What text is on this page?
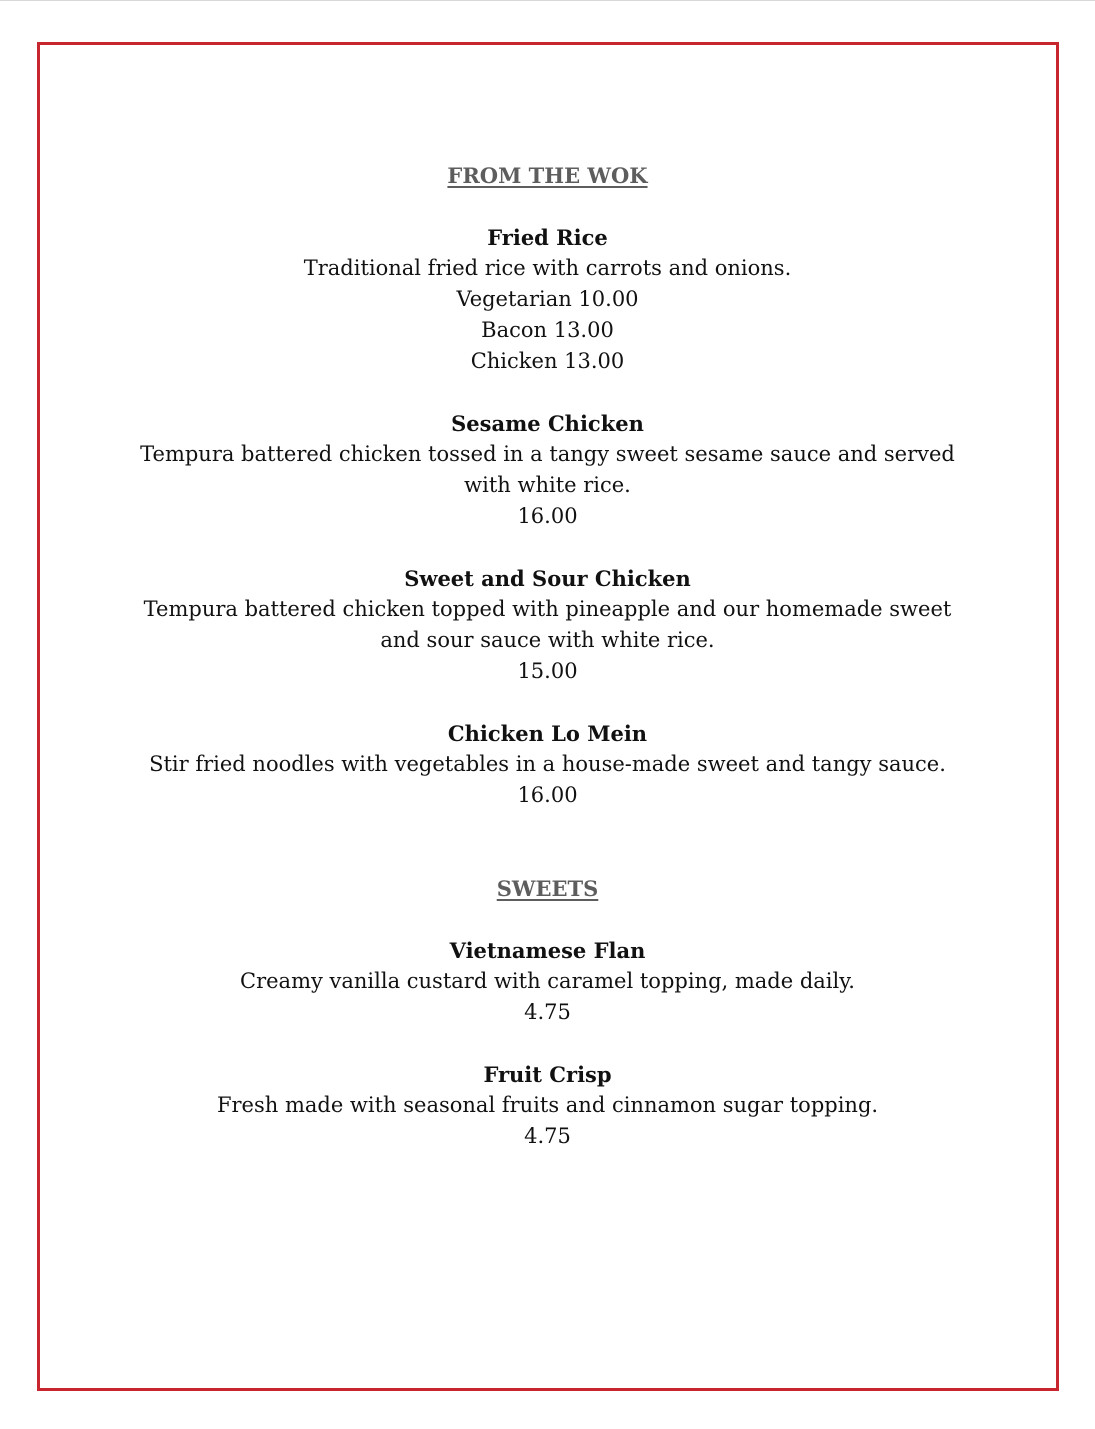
FROM THE WOK
Fried Rice
Traditional fried rice with carrots and onions.
Vegetarian 10.00
Bacon 13.00
Chicken 13.00
Sesame Chicken
Tempura battered chicken tossed in a tangy sweet sesame sauce and served with white rice.
16.00
Sweet and Sour Chicken
Tempura battered chicken topped with pineapple and our homemade sweet and sour sauce with white rice.
15.00
Chicken Lo Mein
Stir fried noodles with vegetables in a house-made sweet and tangy sauce.
16.00
SWEETS
Vietnamese Flan
Creamy vanilla custard with caramel topping, made daily.
4.75
Fruit Crisp
Fresh made with seasonal fruits and cinnamon sugar topping.
4.75
